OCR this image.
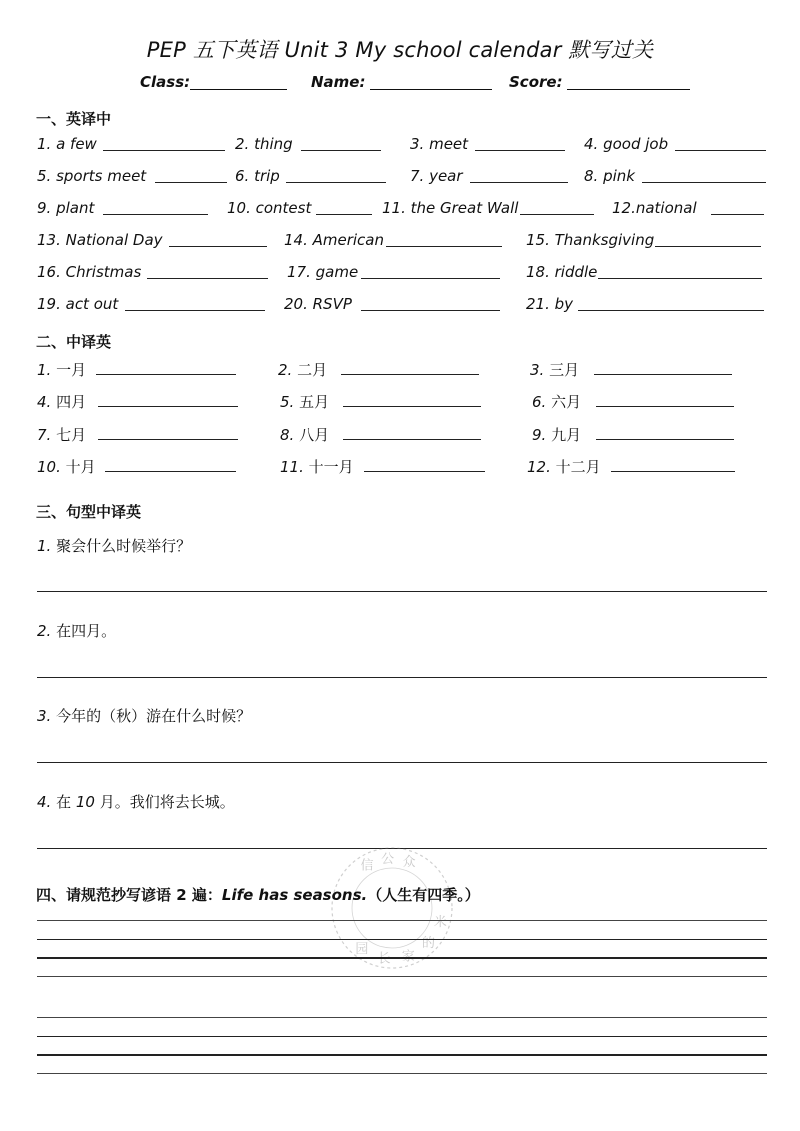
PEP 五下英语 Unit 3 My school calendar 默写过关
Class:	Name:	Score:
一、英译中
1. a few	2. thing	3. meet	4. good job
5. sports meet	6. trip	7. year	8. pink
9. plant	10. contest	11. the Great Wall	12.national
13. National Day	14. American	15. Thanksgiving
16. Christmas	17. game	18. riddle
19. act out	20. RSVP	21. by
二、中译英
1. 一月	2. 二月	3. 三月
4. 四月	5. 五月	6. 六月
7. 七月	8. 八月	9. 九月
10. 十月	11. 十一月	12. 十二月
三、句型中译英
1. 聚会什么时候举行？
2. 在四月。
3. 今年的（秋）游在什么时候？
4. 在 10 月。我们将去长城。
信 公 众
米
的
家
长
园
四、请规范抄写谚语 2 遍：Life has seasons.（人生有四季。）
